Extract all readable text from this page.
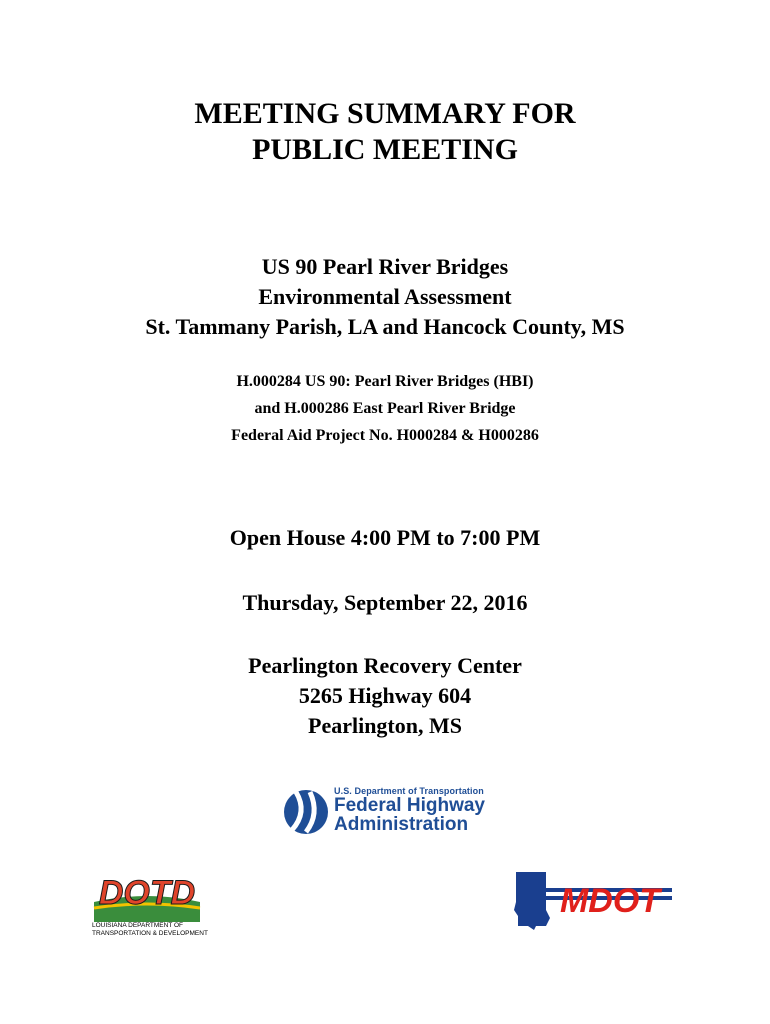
MEETING SUMMARY FOR
PUBLIC MEETING
US 90 Pearl River Bridges
Environmental Assessment
St. Tammany Parish, LA and Hancock County, MS
H.000284 US 90: Pearl River Bridges (HBI)
and H.000286 East Pearl River Bridge
Federal Aid Project No. H000284 & H000286
Open House 4:00 PM to 7:00 PM
Thursday, September 22, 2016
Pearlington Recovery Center
5265 Highway 604
Pearlington, MS
U.S. Department of Transportation
Federal Highway
Administration
DOTD
LOUISIANA DEPARTMENT OF
TRANSPORTATION & DEVELOPMENT
MDOT
